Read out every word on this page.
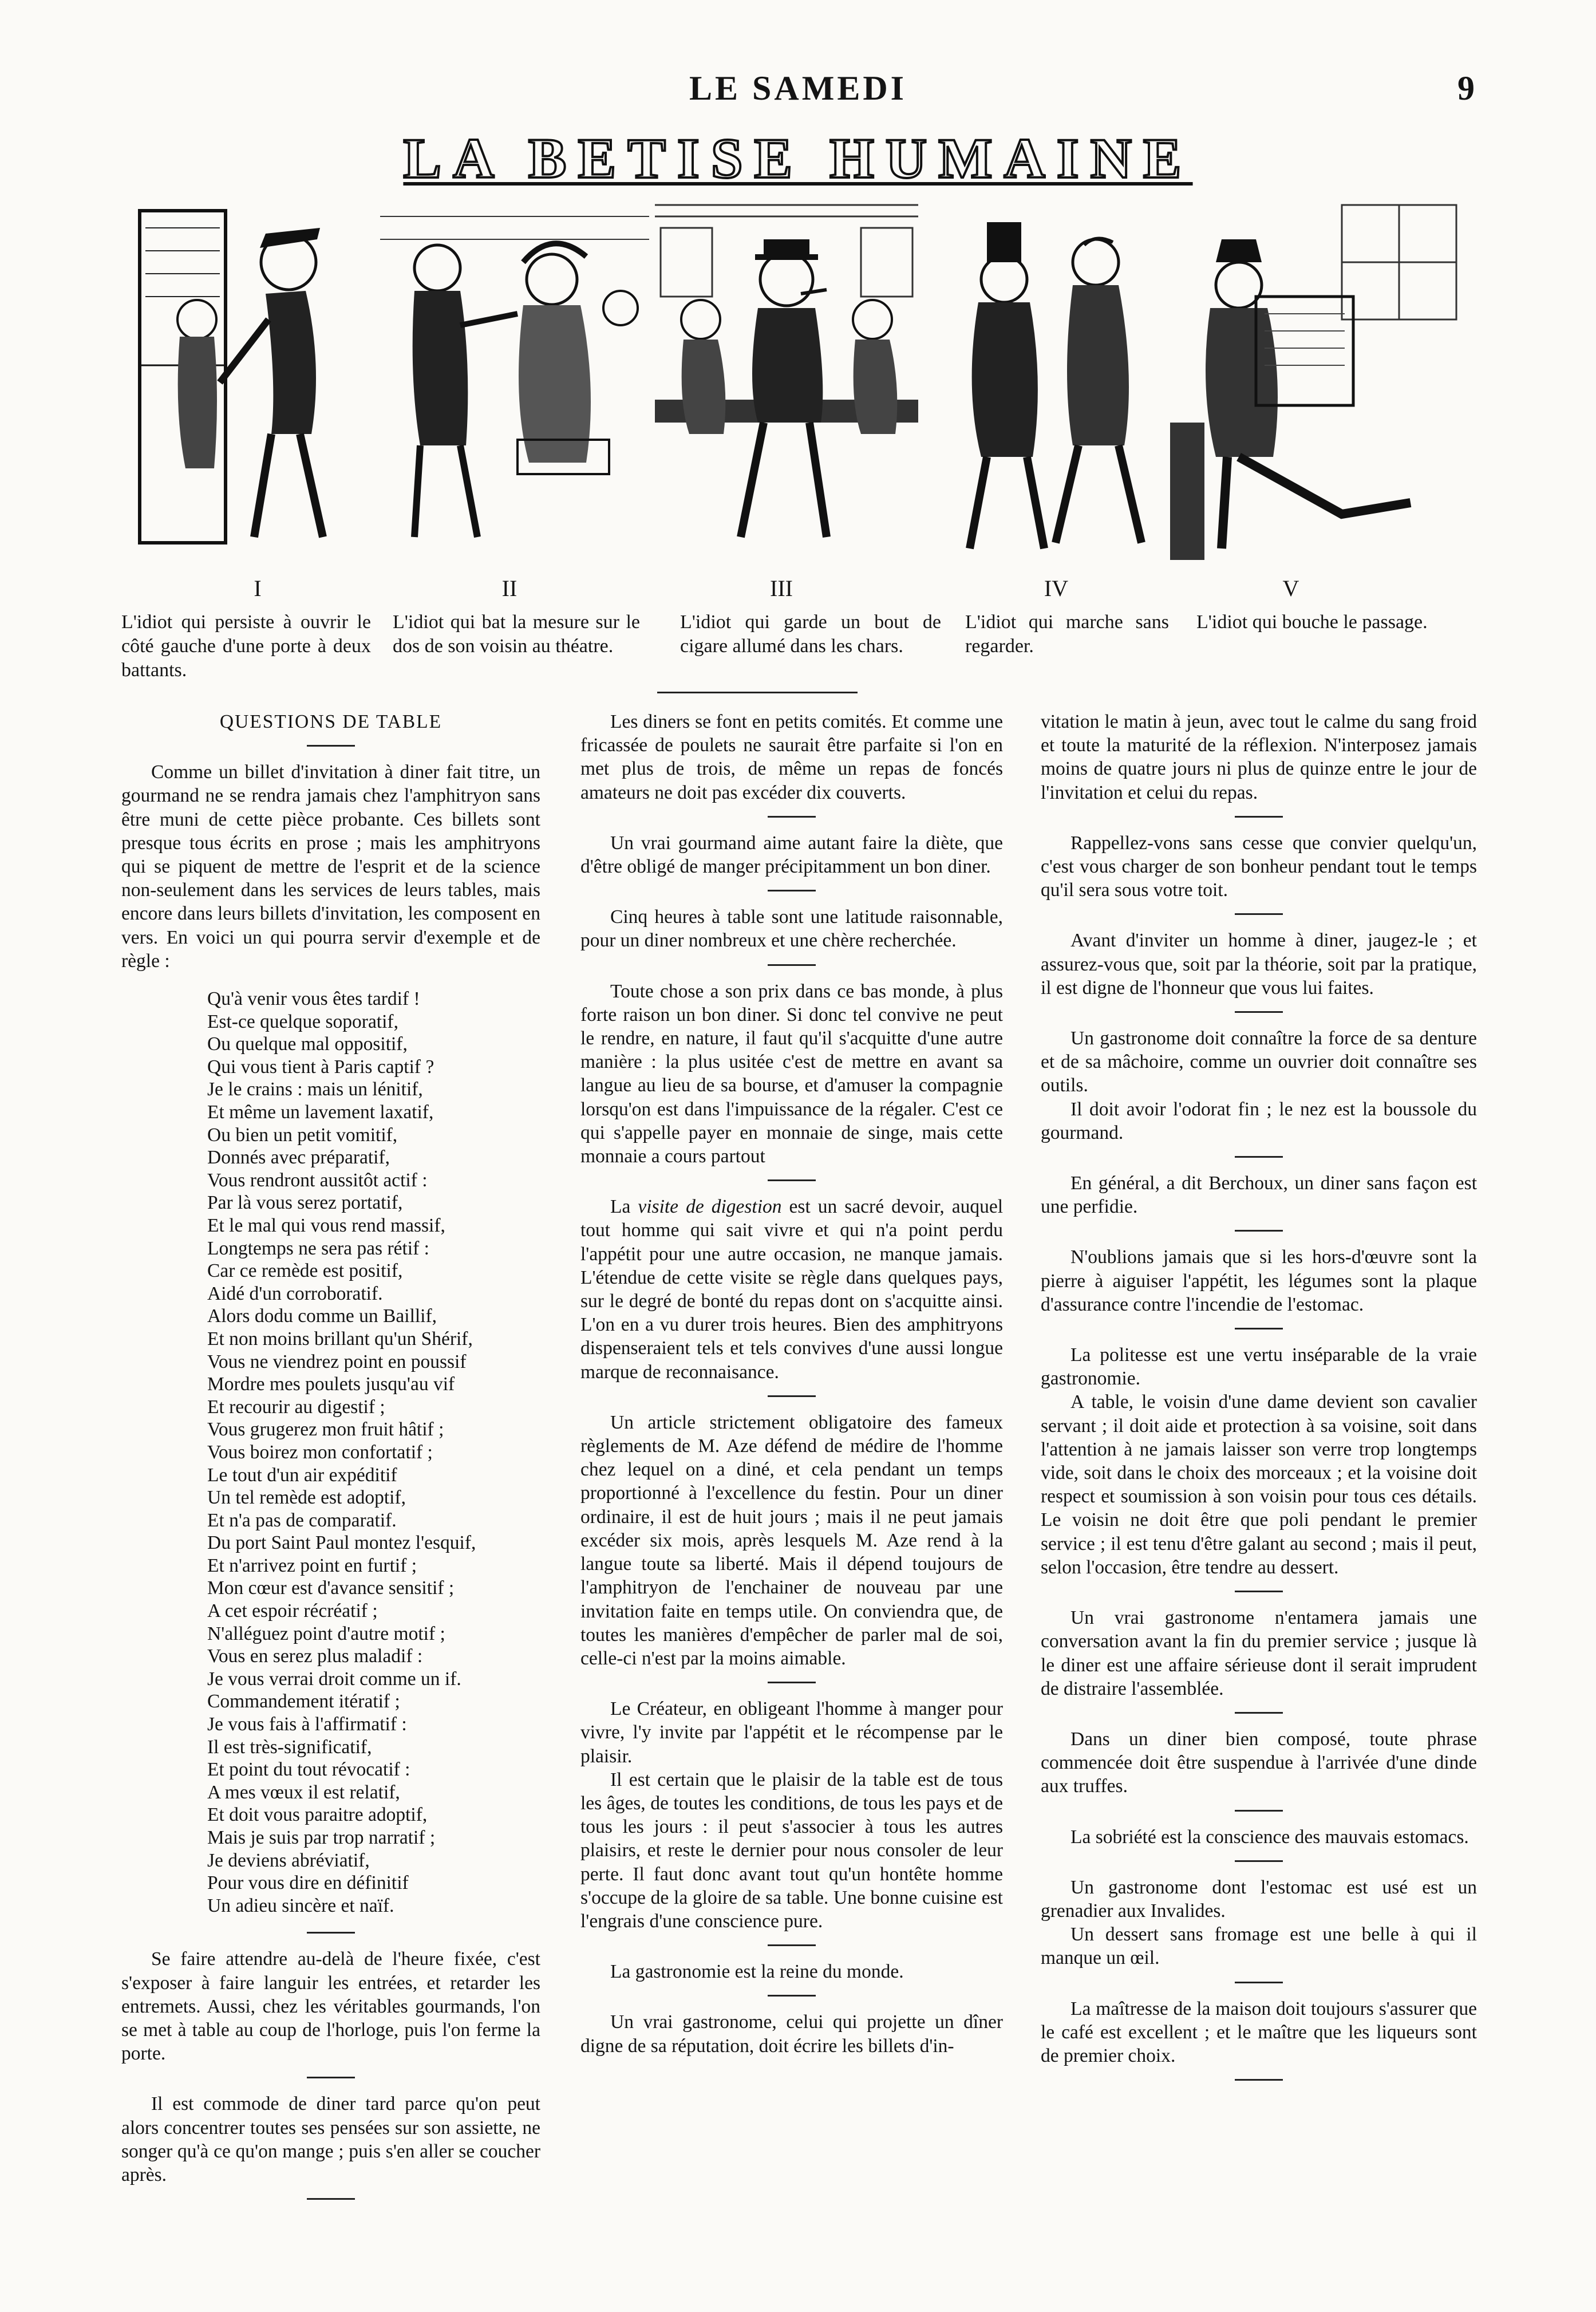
LE SAMEDI	9
LA BETISE HUMAINE
I	II	III	IV	V
L'idiot qui persiste à ouvrir le côté gauche d'une porte à deux battants.
L'idiot qui bat la mesure sur le dos de son voisin au théatre.
L'idiot qui garde un bout de cigare allumé dans les chars.
L'idiot qui marche sans regarder.
L'idiot qui bouche le passage.

QUESTIONS DE TABLE

Comme un billet d'invitation à diner fait titre, un gourmand ne se rendra jamais chez l'amphitryon sans être muni de cette pièce probante. Ces billets sont presque tous écrits en prose ; mais les amphitryons qui se piquent de mettre de l'esprit et de la science non-seulement dans les services de leurs tables, mais encore dans leurs billets d'invitation, les composent en vers. En voici un qui pourra servir d'exemple et de règle :

Qu'à venir vous êtes tardif !
Est-ce quelque soporatif,
Ou quelque mal oppositif,
Qui vous tient à Paris captif ?
Je le crains : mais un lénitif,
Et même un lavement laxatif,
Ou bien un petit vomitif,
Donnés avec préparatif,
Vous rendront aussitôt actif :
Par là vous serez portatif,
Et le mal qui vous rend massif,
Longtemps ne sera pas rétif :
Car ce remède est positif,
Aidé d'un corroboratif.
Alors dodu comme un Baillif,
Et non moins brillant qu'un Shérif,
Vous ne viendrez point en poussif
Mordre mes poulets jusqu'au vif
Et recourir au digestif ;
Vous grugerez mon fruit hâtif ;
Vous boirez mon confortatif ;
Le tout d'un air expéditif
Un tel remède est adoptif,
Et n'a pas de comparatif.
Du port Saint Paul montez l'esquif,
Et n'arrivez point en furtif ;
Mon cœur est d'avance sensitif ;
A cet espoir récréatif ;
N'alléguez point d'autre motif ;
Vous en serez plus maladif :
Je vous verrai droit comme un if.
Commandement itératif ;
Je vous fais à l'affirmatif :
Il est très-significatif,
Et point du tout révocatif :
A mes vœux il est relatif,
Et doit vous paraitre adoptif,
Mais je suis par trop narratif ;
Je deviens abréviatif,
Pour vous dire en définitif
Un adieu sincère et naïf.

Se faire attendre au-delà de l'heure fixée, c'est s'exposer à faire languir les entrées, et retarder les entremets. Aussi, chez les véritables gourmands, l'on se met à table au coup de l'horloge, puis l'on ferme la porte.

Il est commode de diner tard parce qu'on peut alors concentrer toutes ses pensées sur son assiette, ne songer qu'à ce qu'on mange ; puis s'en aller se coucher après.

Les diners se font en petits comités. Et comme une fricassée de poulets ne saurait être parfaite si l'on en met plus de trois, de même un repas de foncés amateurs ne doit pas excéder dix couverts.

Un vrai gourmand aime autant faire la diète, que d'être obligé de manger précipitamment un bon diner.

Cinq heures à table sont une latitude raisonnable, pour un diner nombreux et une chère recherchée.

Toute chose a son prix dans ce bas monde, à plus forte raison un bon diner. Si donc tel convive ne peut le rendre, en nature, il faut qu'il s'acquitte d'une autre manière : la plus usitée c'est de mettre en avant sa langue au lieu de sa bourse, et d'amuser la compagnie lorsqu'on est dans l'impuissance de la régaler. C'est ce qui s'appelle payer en monnaie de singe, mais cette monnaie a cours partout

La visite de digestion est un sacré devoir, auquel tout homme qui sait vivre et qui n'a point perdu l'appétit pour une autre occasion, ne manque jamais. L'étendue de cette visite se règle dans quelques pays, sur le degré de bonté du repas dont on s'acquitte ainsi. L'on en a vu durer trois heures. Bien des amphitryons dispenseraient tels et tels convives d'une aussi longue marque de reconnaisance.

Un article strictement obligatoire des fameux règlements de M. Aze défend de médire de l'homme chez lequel on a diné, et cela pendant un temps proportionné à l'excellence du festin. Pour un diner ordinaire, il est de huit jours ; mais il ne peut jamais excéder six mois, après lesquels M. Aze rend à la langue toute sa liberté. Mais il dépend toujours de l'amphitryon de l'enchainer de nouveau par une invitation faite en temps utile. On conviendra que, de toutes les manières d'empêcher de parler mal de soi, celle-ci n'est par la moins aimable.

Le Créateur, en obligeant l'homme à manger pour vivre, l'y invite par l'appétit et le récompense par le plaisir.

Il est certain que le plaisir de la table est de tous les âges, de toutes les conditions, de tous les pays et de tous les jours : il peut s'associer à tous les autres plaisirs, et reste le dernier pour nous consoler de leur perte. Il faut donc avant tout qu'un hontête homme s'occupe de la gloire de sa table. Une bonne cuisine est l'engrais d'une conscience pure.

La gastronomie est la reine du monde.

Un vrai gastronome, celui qui projette un dîner digne de sa réputation, doit écrire les billets d'in-

vitation le matin à jeun, avec tout le calme du sang froid et toute la maturité de la réflexion. N'interposez jamais moins de quatre jours ni plus de quinze entre le jour de l'invitation et celui du repas.

Rappellez-vons sans cesse que convier quelqu'un, c'est vous charger de son bonheur pendant tout le temps qu'il sera sous votre toit.

Avant d'inviter un homme à diner, jaugez-le ; et assurez-vous que, soit par la théorie, soit par la pratique, il est digne de l'honneur que vous lui faites.

Un gastronome doit connaître la force de sa denture et de sa mâchoire, comme un ouvrier doit connaître ses outils.

Il doit avoir l'odorat fin ; le nez est la boussole du gourmand.

En général, a dit Berchoux, un diner sans façon est une perfidie.

N'oublions jamais que si les hors-d'œuvre sont la pierre à aiguiser l'appétit, les légumes sont la plaque d'assurance contre l'incendie de l'estomac.

La politesse est une vertu inséparable de la vraie gastronomie.

A table, le voisin d'une dame devient son cavalier servant ; il doit aide et protection à sa voisine, soit dans l'attention à ne jamais laisser son verre trop longtemps vide, soit dans le choix des morceaux ; et la voisine doit respect et soumission à son voisin pour tous ces détails. Le voisin ne doit être que poli pendant le premier service ; il est tenu d'être galant au second ; mais il peut, selon l'occasion, être tendre au dessert.

Un vrai gastronome n'entamera jamais une conversation avant la fin du premier service ; jusque là le diner est une affaire sérieuse dont il serait imprudent de distraire l'assemblée.

Dans un diner bien composé, toute phrase commencée doit être suspendue à l'arrivée d'une dinde aux truffes.

La sobriété est la conscience des mauvais estomacs.

Un gastronome dont l'estomac est usé est un grenadier aux Invalides.

Un dessert sans fromage est une belle à qui il manque un œil.

La maîtresse de la maison doit toujours s'assurer que le café est excellent ; et le maître que les liqueurs sont de premier choix.
